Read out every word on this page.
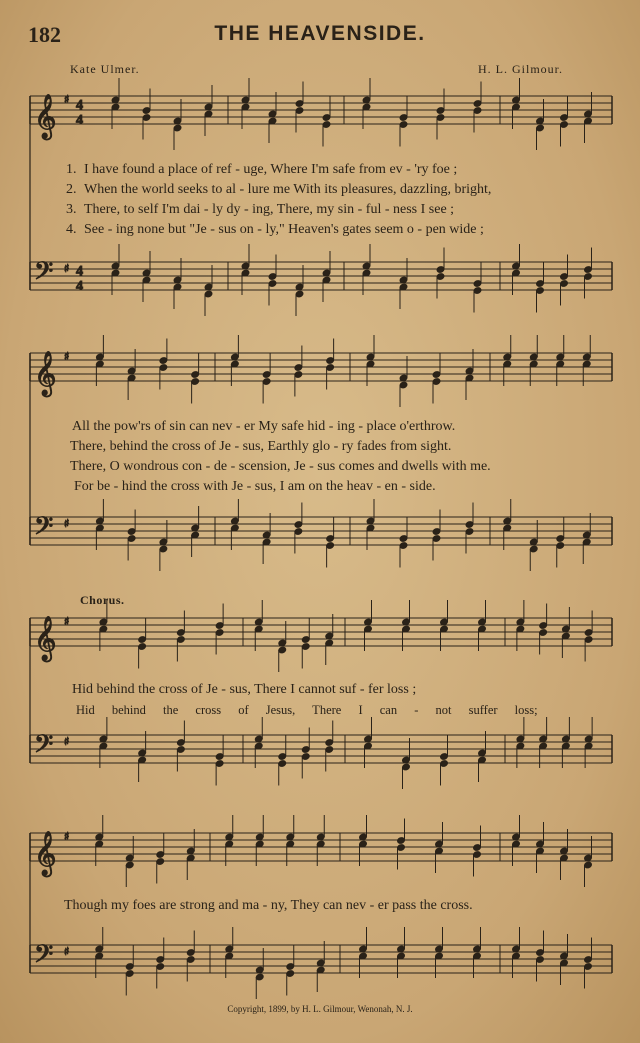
𝄞 ♯ 4
4
𝄢 ♯ 4
4
𝄞 ♯
𝄢 ♯
𝄞 ♯
𝄢 ♯
𝄞 ♯
𝄢 ♯
182	THE HEAVENSIDE.
Kate Ulmer.	H. L. Gilmour.
1. I have found a place of ref - uge, Where I'm safe from ev - 'ry foe ;
2. When the world seeks to al - lure me With its pleasures, dazzling, bright,
3. There, to self I'm dai - ly dy - ing, There, my sin - ful - ness I see ;
4. See - ing none but "Je - sus on - ly," Heaven's gates seem o - pen wide ;
All the pow'rs of sin can nev - er My safe hid - ing - place o'erthrow.
There, behind the cross of Je - sus, Earthly glo - ry fades from sight.
There, O wondrous con - de - scension, Je - sus comes and dwells with me.
For be - hind the cross with Je - sus, I am on the heav - en - side.
Chorus.
Hid behind the cross of Je - sus, There I cannot suf - fer loss ;
Hid behind the cross of Jesus, There I can - not suffer loss;
Though my foes are strong and ma - ny, They can nev - er pass the cross.
Copyright, 1899, by H. L. Gilmour, Wenonah, N. J.
